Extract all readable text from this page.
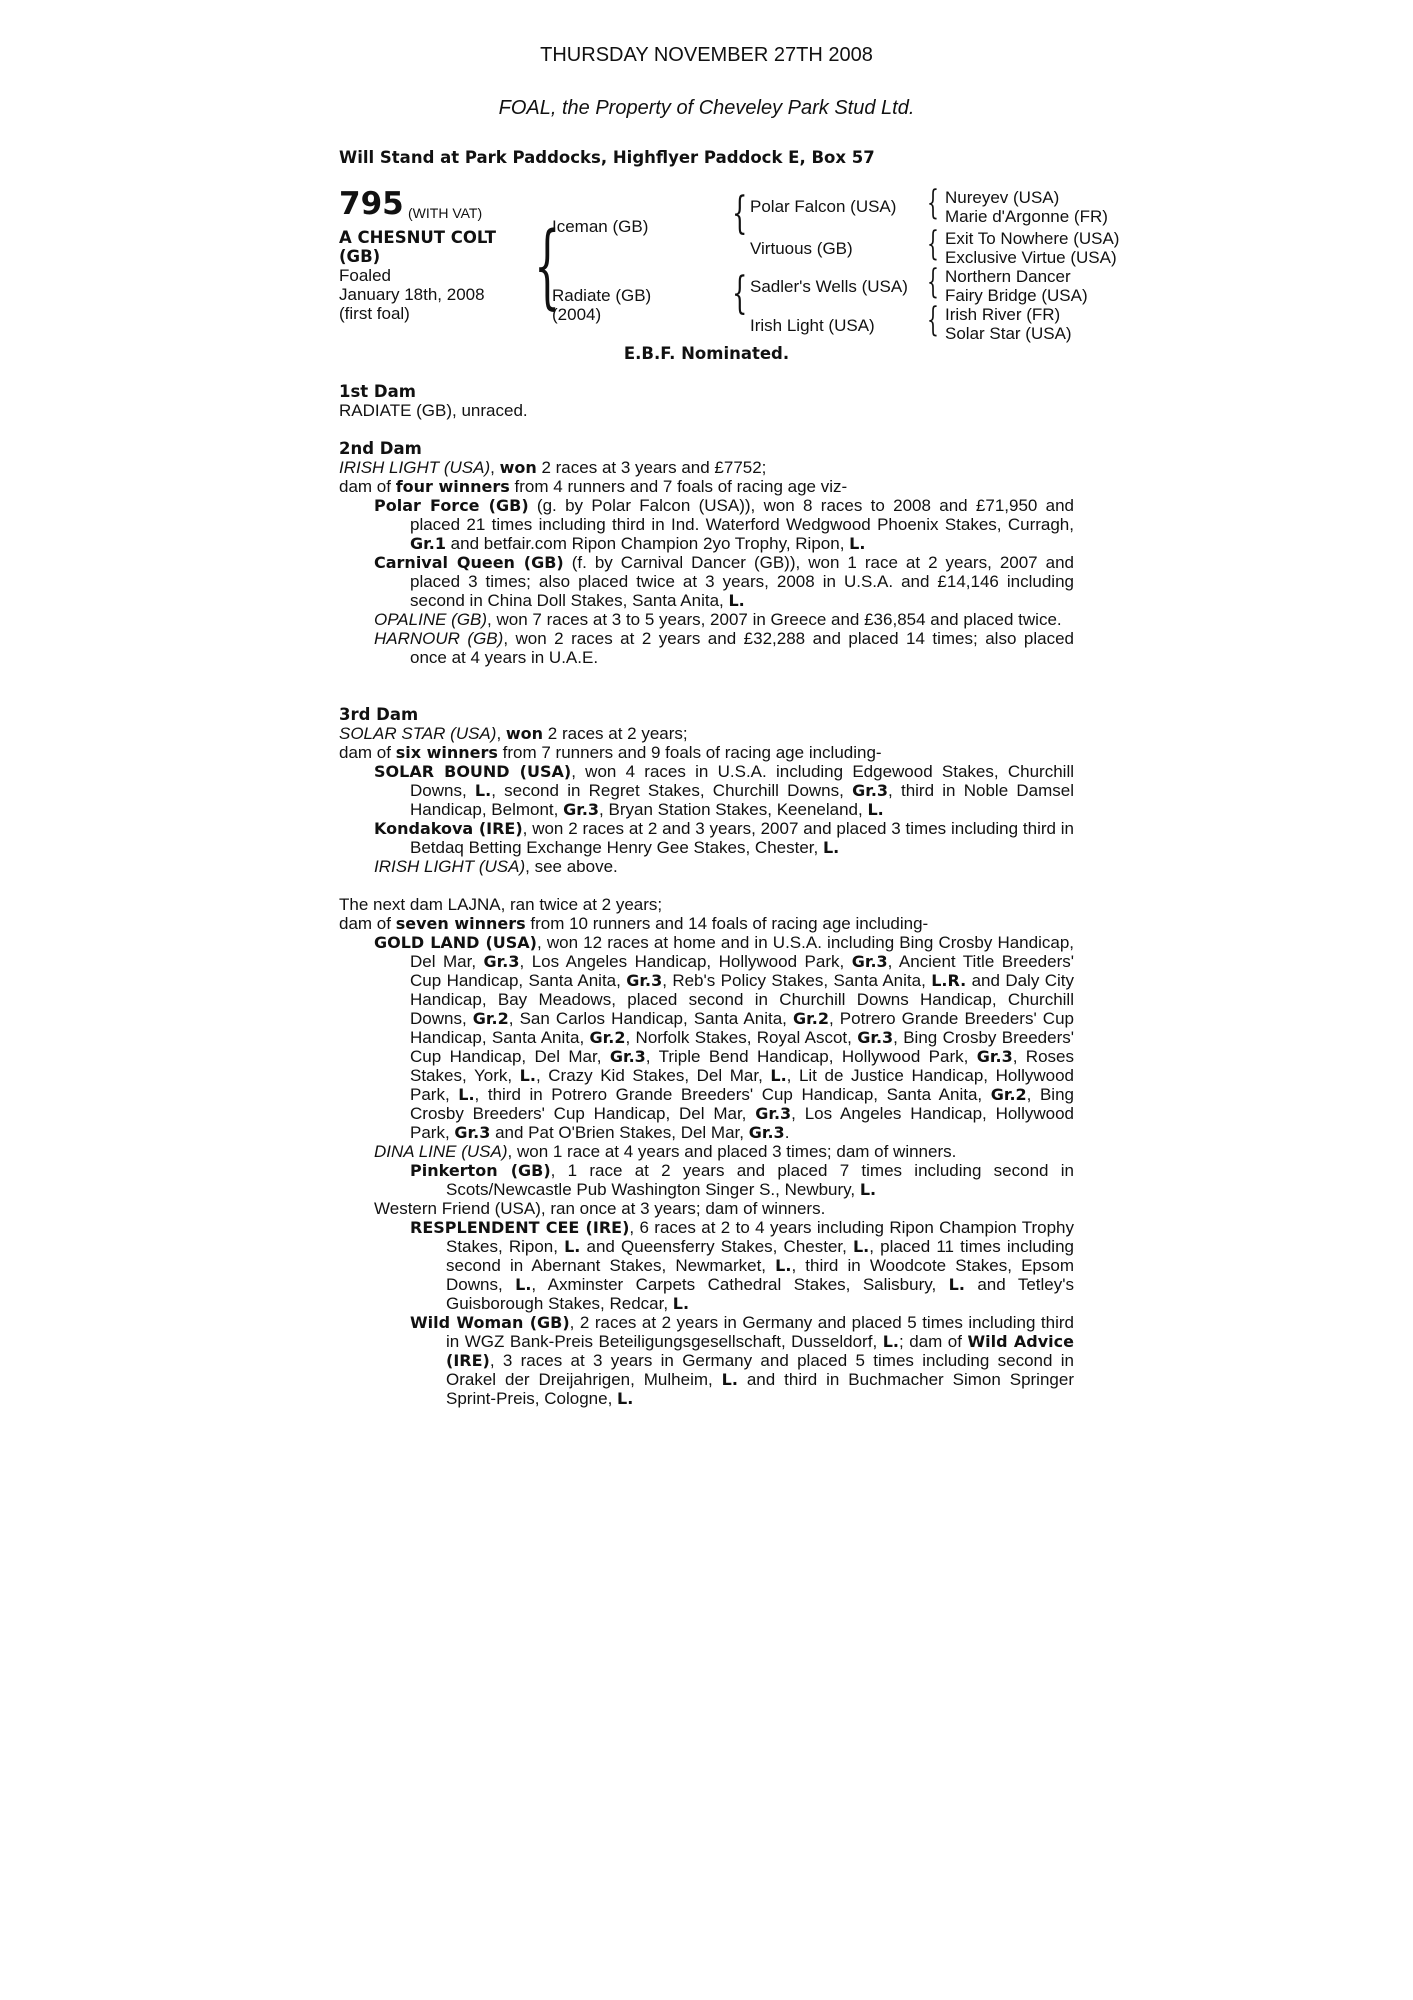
THURSDAY NOVEMBER 27TH 2008
FOAL, the Property of Cheveley Park Stud Ltd.
Will Stand at Park Paddocks, Highflyer Paddock E, Box 57
795 (WITH VAT)
A CHESNUT COLT
(GB)
Foaled
January 18th, 2008
(first foal)	{
Iceman (GB)
Radiate (GB)
(2004)
{ Polar Falcon (USA)
Virtuous (GB)
{ Sadler's Wells (USA)
Irish Light (USA)
{ Nureyev (USA)
Marie d'Argonne (FR)
{ Exit To Nowhere (USA)
Exclusive Virtue (USA)
{ Northern Dancer
Fairy Bridge (USA)
{ Irish River (FR)
Solar Star (USA)
E.B.F. Nominated.
1st Dam
RADIATE (GB), unraced.
2nd Dam
IRISH LIGHT (USA), won 2 races at 3 years and £7752;
dam of four winners from 4 runners and 7 foals of racing age viz-

Polar Force (GB) (g. by Polar Falcon (USA)), won 8 races to 2008 and £71,950 and placed 21 times including third in Ind. Waterford Wedgwood Phoenix Stakes, Curragh, Gr.1 and betfair.com Ripon Champion 2yo Trophy, Ripon, L.

Carnival Queen (GB) (f. by Carnival Dancer (GB)), won 1 race at 2 years, 2007 and placed 3 times; also placed twice at 3 years, 2008 in U.S.A. and £14,146 including second in China Doll Stakes, Santa Anita, L.

OPALINE (GB), won 7 races at 3 to 5 years, 2007 in Greece and £36,854 and placed twice.

HARNOUR (GB), won 2 races at 2 years and £32,288 and placed 14 times; also placed once at 4 years in U.A.E.

3rd Dam
SOLAR STAR (USA), won 2 races at 2 years;
dam of six winners from 7 runners and 9 foals of racing age including-

SOLAR BOUND (USA), won 4 races in U.S.A. including Edgewood Stakes, Churchill Downs, L., second in Regret Stakes, Churchill Downs, Gr.3, third in Noble Damsel Handicap, Belmont, Gr.3, Bryan Station Stakes, Keeneland, L.

Kondakova (IRE), won 2 races at 2 and 3 years, 2007 and placed 3 times including third in Betdaq Betting Exchange Henry Gee Stakes, Chester, L.

IRISH LIGHT (USA), see above.

The next dam LAJNA, ran twice at 2 years;
dam of seven winners from 10 runners and 14 foals of racing age including-

GOLD LAND (USA), won 12 races at home and in U.S.A. including Bing Crosby Handicap, Del Mar, Gr.3, Los Angeles Handicap, Hollywood Park, Gr.3, Ancient Title Breeders' Cup Handicap, Santa Anita, Gr.3, Reb's Policy Stakes, Santa Anita, L.R. and Daly City Handicap, Bay Meadows, placed second in Churchill Downs Handicap, Churchill Downs, Gr.2, San Carlos Handicap, Santa Anita, Gr.2, Potrero Grande Breeders' Cup Handicap, Santa Anita, Gr.2, Norfolk Stakes, Royal Ascot, Gr.3, Bing Crosby Breeders' Cup Handicap, Del Mar, Gr.3, Triple Bend Handicap, Hollywood Park, Gr.3, Roses Stakes, York, L., Crazy Kid Stakes, Del Mar, L., Lit de Justice Handicap, Hollywood Park, L., third in Potrero Grande Breeders' Cup Handicap, Santa Anita, Gr.2, Bing Crosby Breeders' Cup Handicap, Del Mar, Gr.3, Los Angeles Handicap, Hollywood Park, Gr.3 and Pat O'Brien Stakes, Del Mar, Gr.3.

DINA LINE (USA), won 1 race at 4 years and placed 3 times; dam of winners.

Pinkerton (GB), 1 race at 2 years and placed 7 times including second in Scots/Newcastle Pub Washington Singer S., Newbury, L.

Western Friend (USA), ran once at 3 years; dam of winners.

RESPLENDENT CEE (IRE), 6 races at 2 to 4 years including Ripon Champion Trophy Stakes, Ripon, L. and Queensferry Stakes, Chester, L., placed 11 times including second in Abernant Stakes, Newmarket, L., third in Woodcote Stakes, Epsom Downs, L., Axminster Carpets Cathedral Stakes, Salisbury, L. and Tetley's Guisborough Stakes, Redcar, L.

Wild Woman (GB), 2 races at 2 years in Germany and placed 5 times including third in WGZ Bank-Preis Beteiligungsgesellschaft, Dusseldorf, L.; dam of Wild Advice (IRE), 3 races at 3 years in Germany and placed 5 times including second in Orakel der Dreijahrigen, Mulheim, L. and third in Buchmacher Simon Springer Sprint-Preis, Cologne, L.
